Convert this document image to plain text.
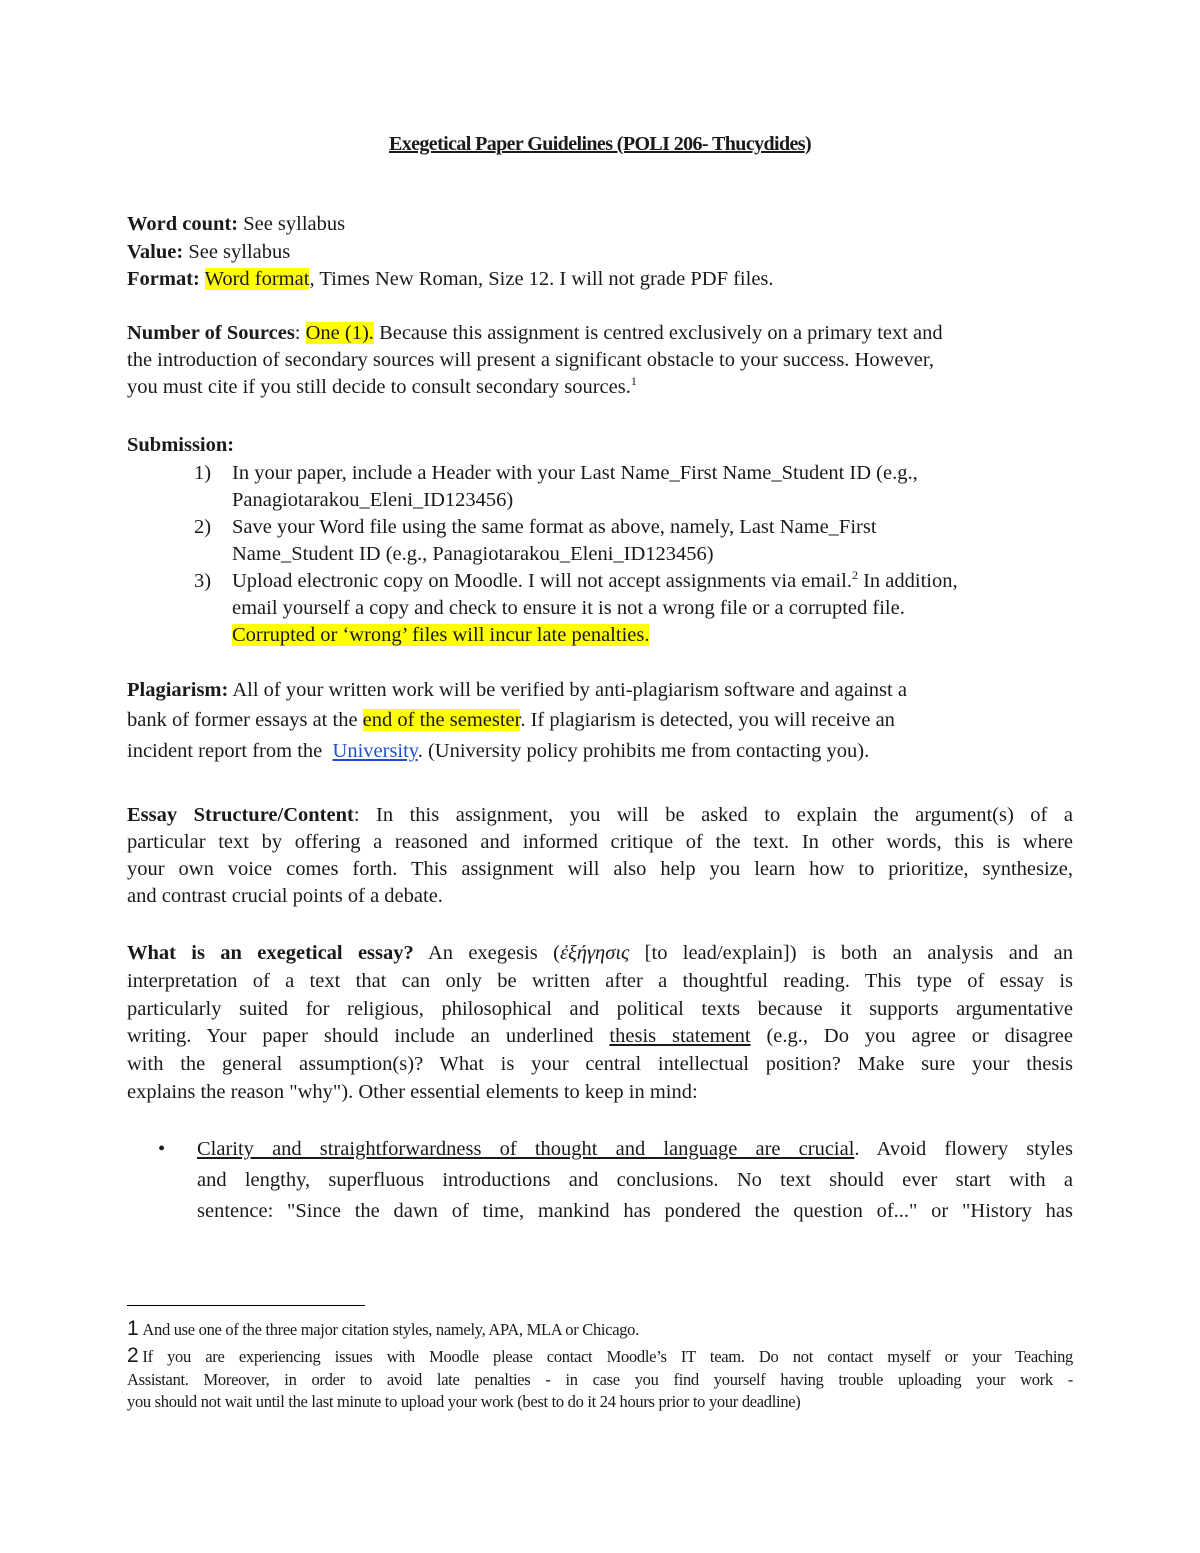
Exegetical Paper Guidelines (POLI 206- Thucydides)
Word count: See syllabus
Value: See syllabus
Format: Word format, Times New Roman, Size 12. I will not grade PDF files.
Number of Sources: One (1). Because this assignment is centred exclusively on a primary text and
the introduction of secondary sources will present a significant obstacle to your success. However,
you must cite if you still decide to consult secondary sources.$^1$
Submission:
1) In your paper, include a Header with your Last Name_First Name_Student ID (e.g.,
Panagiotarakou_Eleni_ID123456)
2) Save your Word file using the same format as above, namely, Last Name_First
Name_Student ID (e.g., Panagiotarakou_Eleni_ID123456)
3) Upload electronic copy on Moodle. I will not accept assignments via email.$^2$ In addition,
email yourself a copy and check to ensure it is not a wrong file or a corrupted file.
Corrupted or ‘wrong’ files will incur late penalties.
Plagiarism: All of your written work will be verified by anti-plagiarism software and against a
bank of former essays at the end of the semester. If plagiarism is detected, you will receive an
incident report from the  University. (University policy prohibits me from contacting you).
Essay Structure/Content: In this assignment, you will be asked to explain the argument(s) of a
particular text by offering a reasoned and informed critique of the text. In other words, this is where
your own voice comes forth. This assignment will also help you learn how to prioritize, synthesize,
and contrast crucial points of a debate.
What is an exegetical essay? An exegesis (ἐξήγησις [to lead/explain]) is both an analysis and an
interpretation of a text that can only be written after a thoughtful reading. This type of essay is
particularly suited for religious, philosophical and political texts because it supports argumentative
writing. Your paper should include an underlined thesis statement (e.g., Do you agree or disagree
with the general assumption(s)? What is your central intellectual position? Make sure your thesis
explains the reason "why"). Other essential elements to keep in mind:
• Clarity and straightforwardness of thought and language are crucial. Avoid flowery styles
and lengthy, superfluous introductions and conclusions. No text should ever start with a
sentence: "Since the dawn of time, mankind has pondered the question of..." or "History has
1 And use one of the three major citation styles, namely, APA, MLA or Chicago.
2 If you are experiencing issues with Moodle please contact Moodle’s IT team. Do not contact myself or your Teaching
Assistant. Moreover, in order to avoid late penalties - in case you find yourself having trouble uploading your work -
you should not wait until the last minute to upload your work (best to do it 24 hours prior to your deadline)
